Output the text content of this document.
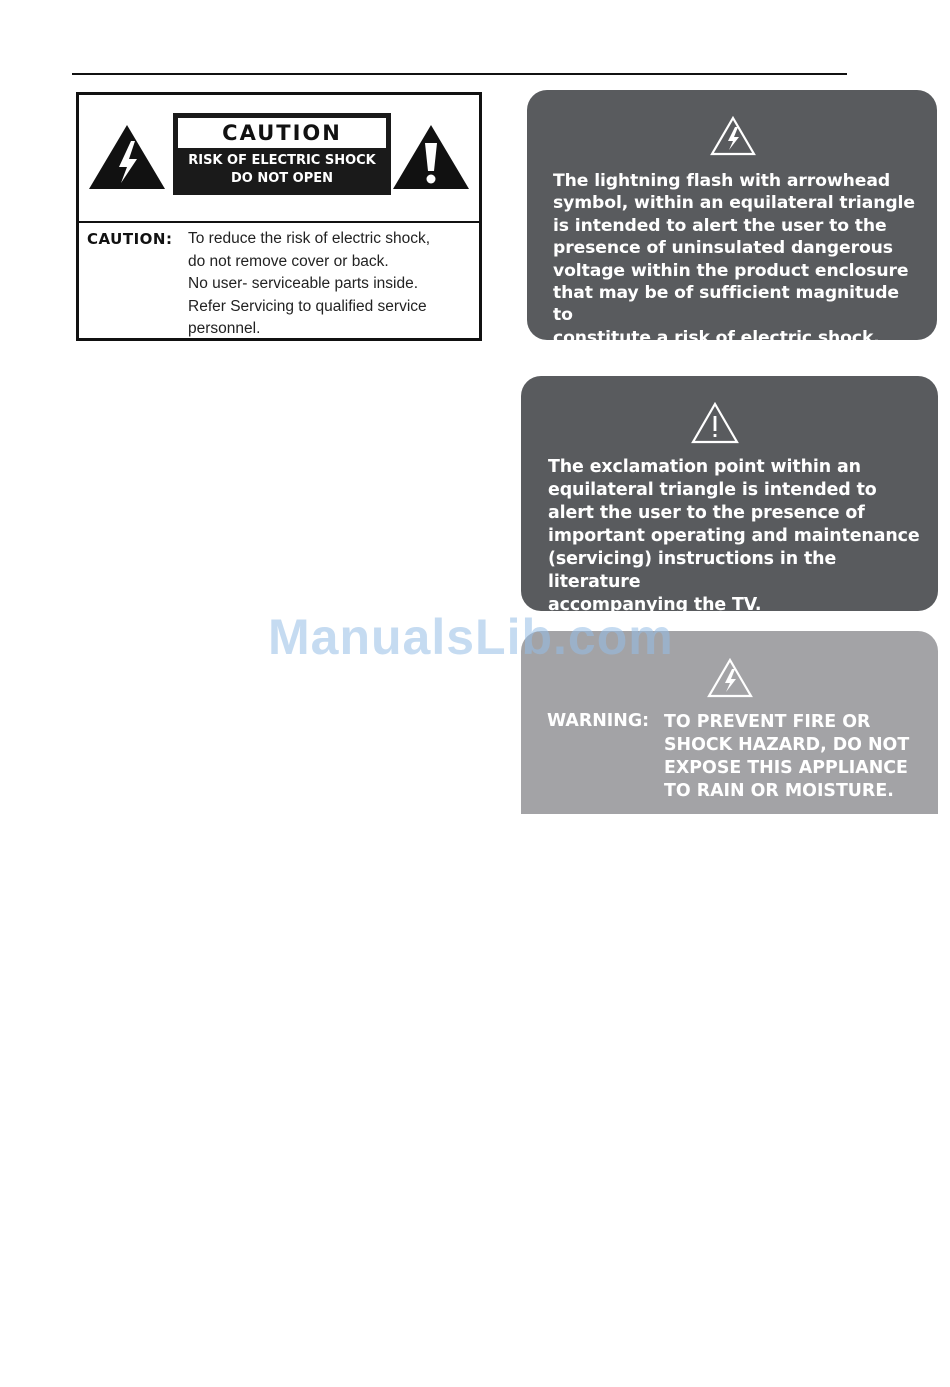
CAUTION
RISK OF ELECTRIC SHOCK
DO NOT OPEN
CAUTION: To reduce the risk of electric shock,
do not remove cover or back.
No user- serviceable parts inside.
Refer Servicing to qualified service
personnel.
The lightning flash with arrowhead
symbol, within an equilateral triangle
is intended to alert the user to the
presence of uninsulated dangerous
voltage within the product enclosure
that may be of sufficient magnitude to
constitute a risk of electric shock.
The exclamation point within an
equilateral triangle is intended to
alert the user to the presence of
important operating and maintenance
(servicing) instructions in the literature
accompanying the TV.
WARNING: TO PREVENT FIRE OR
SHOCK HAZARD, DO NOT
EXPOSE THIS APPLIANCE
TO RAIN OR MOISTURE.
ManualsLib.com
